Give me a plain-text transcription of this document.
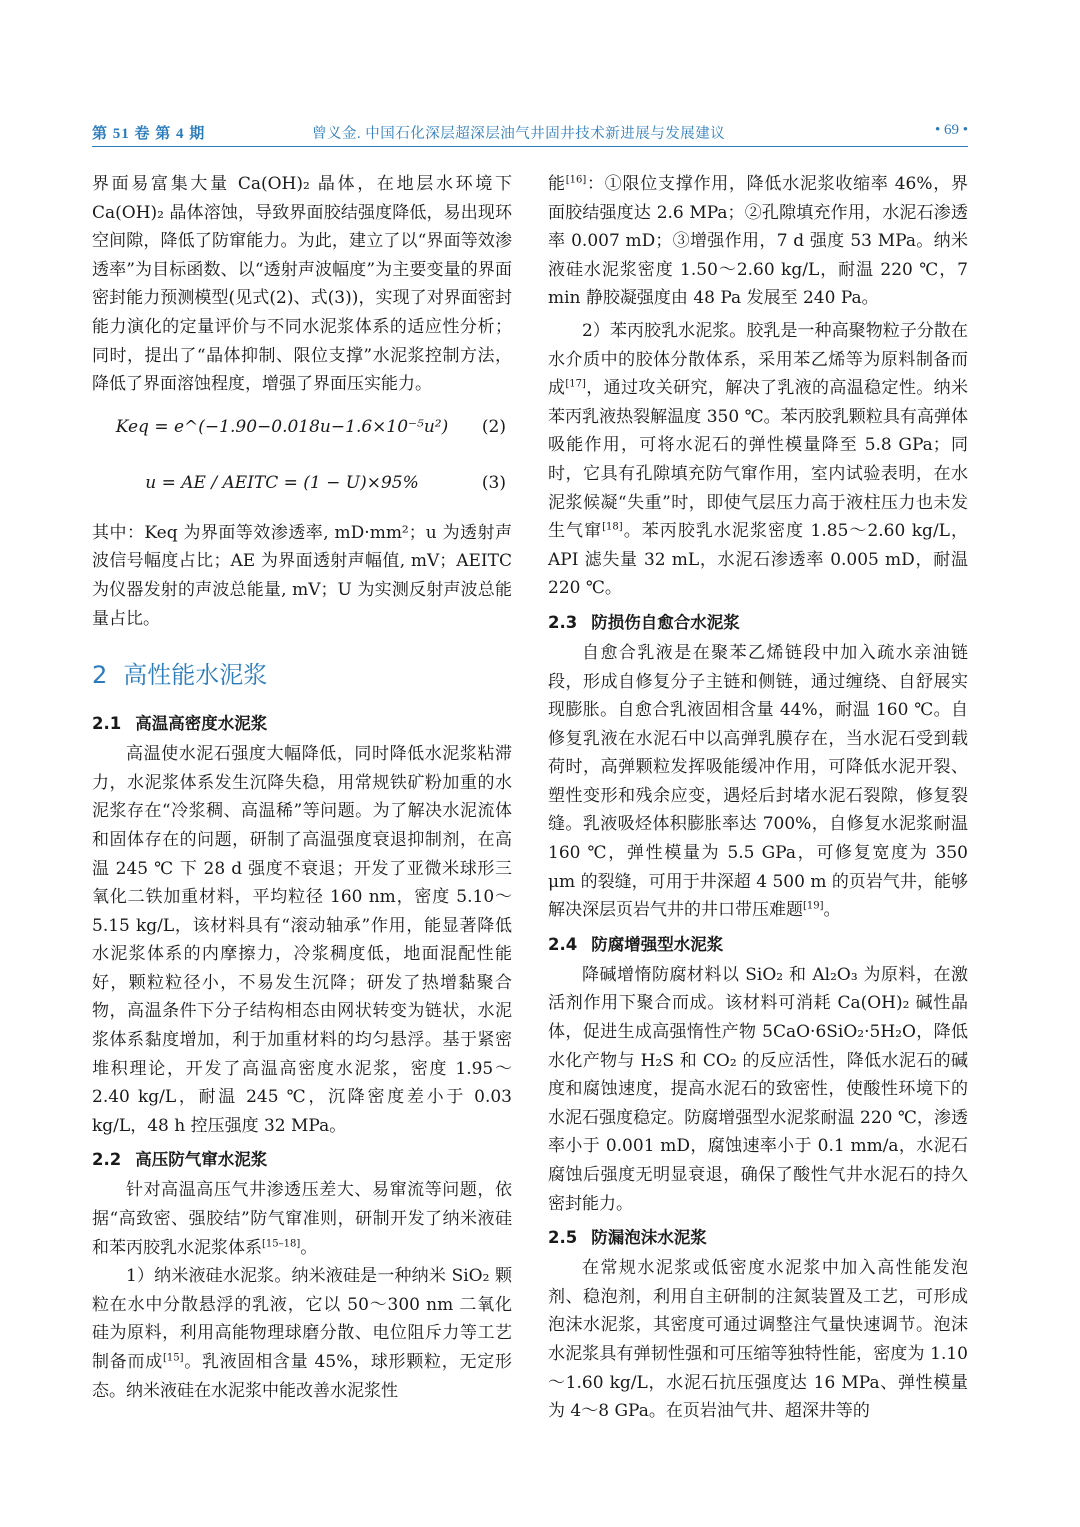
第 51 卷 第 4 期	曾义金. 中国石化深层超深层油气井固井技术新进展与发展建议	• 69 •

界面易富集大量 Ca(OH)₂ 晶体，在地层水环境下 Ca(OH)₂ 晶体溶蚀，导致界面胶结强度降低，易出现环空间隙，降低了防窜能力。为此，建立了以“界面等效渗透率”为目标函数、以“透射声波幅度”为主要变量的界面密封能力预测模型(见式(2)、式(3))，实现了对界面密封能力演化的定量评价与不同水泥浆体系的适应性分析；同时，提出了“晶体抑制、限位支撑”水泥浆控制方法，降低了界面溶蚀程度，增强了界面压实能力。

Keq = e^(−1.90−0.018u−1.6×10⁻⁵u²)	(2)
u = AE / AEITC = (1 − U)×95%	(3)

其中：Keq 为界面等效渗透率, mD·mm²；u 为透射声波信号幅度占比；AE 为界面透射声幅值, mV；AEITC 为仪器发射的声波总能量, mV；U 为实测反射声波总能量占比。

2 高性能水泥浆
2.1 高温高密度水泥浆

高温使水泥石强度大幅降低，同时降低水泥浆粘滞力，水泥浆体系发生沉降失稳，用常规铁矿粉加重的水泥浆存在“冷浆稠、高温稀”等问题。为了解决水泥流体和固体存在的问题，研制了高温强度衰退抑制剂，在高温 245 ℃ 下 28 d 强度不衰退；开发了亚微米球形三氧化二铁加重材料，平均粒径 160 nm，密度 5.10～5.15 kg/L，该材料具有“滚动轴承”作用，能显著降低水泥浆体系的内摩擦力，冷浆稠度低，地面混配性能好，颗粒粒径小，不易发生沉降；研发了热增黏聚合物，高温条件下分子结构相态由网状转变为链状，水泥浆体系黏度增加，利于加重材料的均匀悬浮。基于紧密堆积理论，开发了高温高密度水泥浆，密度 1.95～2.40 kg/L，耐温 245 ℃，沉降密度差小于 0.03 kg/L，48 h 控压强度 32 MPa。

2.2 高压防气窜水泥浆

针对高温高压气井渗透压差大、易窜流等问题，依据“高致密、强胶结”防气窜准则，研制开发了纳米液硅和苯丙胶乳水泥浆体系[15–18]。

1）纳米液硅水泥浆。纳米液硅是一种纳米 SiO₂ 颗粒在水中分散悬浮的乳液，它以 50～300 nm 二氧化硅为原料，利用高能物理球磨分散、电位阻斥力等工艺制备而成[15]。乳液固相含量 45%，球形颗粒，无定形态。纳米液硅在水泥浆中能改善水泥浆性

能[16]：①限位支撑作用，降低水泥浆收缩率 46%，界面胶结强度达 2.6 MPa；②孔隙填充作用，水泥石渗透率 0.007 mD；③增强作用，7 d 强度 53 MPa。纳米液硅水泥浆密度 1.50～2.60 kg/L，耐温 220 ℃，7 min 静胶凝强度由 48 Pa 发展至 240 Pa。

2）苯丙胶乳水泥浆。胶乳是一种高聚物粒子分散在水介质中的胶体分散体系，采用苯乙烯等为原料制备而成[17]，通过攻关研究，解决了乳液的高温稳定性。纳米苯丙乳液热裂解温度 350 ℃。苯丙胶乳颗粒具有高弹体吸能作用，可将水泥石的弹性模量降至 5.8 GPa；同时，它具有孔隙填充防气窜作用，室内试验表明，在水泥浆候凝“失重”时，即使气层压力高于液柱压力也未发生气窜[18]。苯丙胶乳水泥浆密度 1.85～2.60 kg/L，API 滤失量 32 mL，水泥石渗透率 0.005 mD，耐温 220 ℃。

2.3 防损伤自愈合水泥浆

自愈合乳液是在聚苯乙烯链段中加入疏水亲油链段，形成自修复分子主链和侧链，通过缠绕、自舒展实现膨胀。自愈合乳液固相含量 44%，耐温 160 ℃。自修复乳液在水泥石中以高弹乳膜存在，当水泥石受到载荷时，高弹颗粒发挥吸能缓冲作用，可降低水泥开裂、塑性变形和残余应变，遇烃后封堵水泥石裂隙，修复裂缝。乳液吸烃体积膨胀率达 700%，自修复水泥浆耐温 160 ℃，弹性模量为 5.5 GPa，可修复宽度为 350 μm 的裂缝，可用于井深超 4 500 m 的页岩气井，能够解决深层页岩气井的井口带压难题[19]。

2.4 防腐增强型水泥浆

降碱增惰防腐材料以 SiO₂ 和 Al₂O₃ 为原料，在激活剂作用下聚合而成。该材料可消耗 Ca(OH)₂ 碱性晶体，促进生成高强惰性产物 5CaO·6SiO₂·5H₂O，降低水化产物与 H₂S 和 CO₂ 的反应活性，降低水泥石的碱度和腐蚀速度，提高水泥石的致密性，使酸性环境下的水泥石强度稳定。防腐增强型水泥浆耐温 220 ℃，渗透率小于 0.001 mD，腐蚀速率小于 0.1 mm/a，水泥石腐蚀后强度无明显衰退，确保了酸性气井水泥石的持久密封能力。

2.5 防漏泡沫水泥浆

在常规水泥浆或低密度水泥浆中加入高性能发泡剂、稳泡剂，利用自主研制的注氮装置及工艺，可形成泡沫水泥浆，其密度可通过调整注气量快速调节。泡沫水泥浆具有弹韧性强和可压缩等独特性能，密度为 1.10～1.60 kg/L，水泥石抗压强度达 16 MPa、弹性模量为 4～8 GPa。在页岩油气井、超深井等的
